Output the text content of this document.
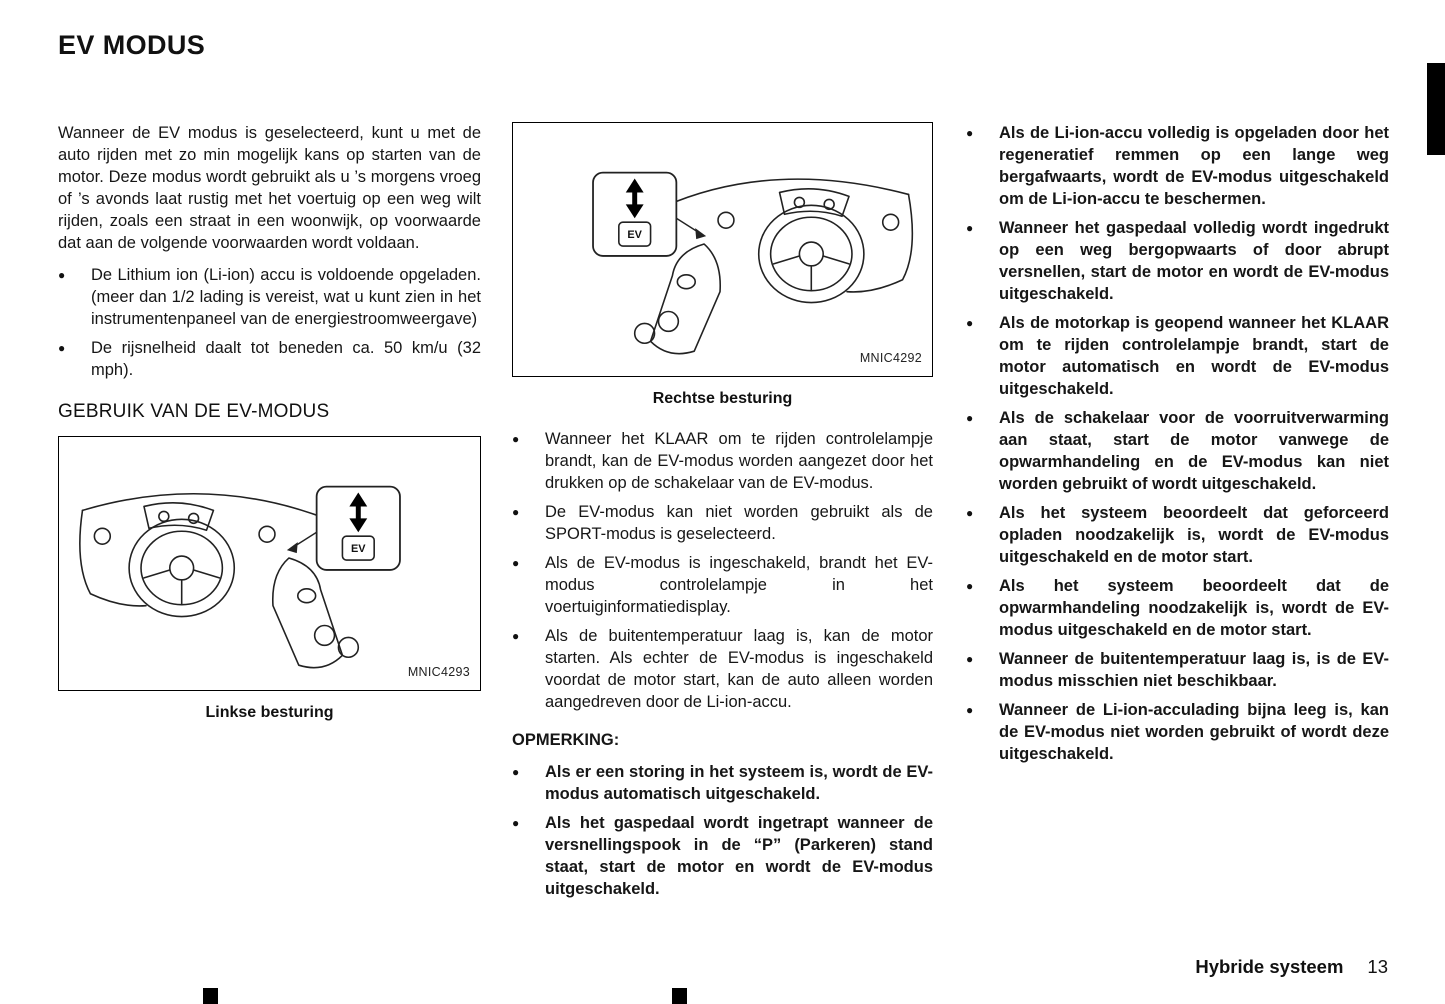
EV MODUS

Wanneer de EV modus is geselecteerd, kunt u met de auto rijden met zo min mogelijk kans op starten van de motor. Deze modus wordt gebruikt als u ’s morgens vroeg of ’s avonds laat rustig met het voertuig op een weg wilt rijden, zoals een straat in een woonwijk, op voorwaarde dat aan de volgende voorwaarden wordt voldaan.

●	De Lithium ion (Li-ion) accu is voldoende opgeladen. (meer dan 1/2 lading is vereist, wat u kunt zien in het instrumentenpaneel van de energiestroomweergave)
●	De rijsnelheid daalt tot beneden ca. 50 km/u (32 mph).
GEBRUIK VAN DE EV-MODUS
EV
MNIC4293
Linkse besturing
EV
MNIC4292
Rechtse besturing
●	Wanneer het KLAAR om te rijden controlelampje brandt, kan de EV-modus worden aangezet door het drukken op de schakelaar van de EV-modus.
●	De EV-modus kan niet worden gebruikt als de SPORT-modus is geselecteerd.
●	Als de EV-modus is ingeschakeld, brandt het EV-modus controlelampje in het voertuiginformatiedisplay.
●	Als de buitentemperatuur laag is, kan de motor starten. Als echter de EV-modus is ingeschakeld voordat de motor start, kan de auto alleen worden aangedreven door de Li-ion-accu.
OPMERKING:
●	Als er een storing in het systeem is, wordt de EV-modus automatisch uitgeschakeld.
●	Als het gaspedaal wordt ingetrapt wanneer de versnellingspook in de “P” (Parkeren) stand staat, start de motor en wordt de EV-modus uitgeschakeld.
●	Als de Li-ion-accu volledig is opgeladen door het regeneratief remmen op een lange weg bergafwaarts, wordt de EV-modus uitgeschakeld om de Li-ion-accu te beschermen.
●	Wanneer het gaspedaal volledig wordt ingedrukt op een weg bergopwaarts of door abrupt versnellen, start de motor en wordt de EV-modus uitgeschakeld.
●	Als de motorkap is geopend wanneer het KLAAR om te rijden controlelampje brandt, start de motor automatisch en wordt de EV-modus uitgeschakeld.
●	Als de schakelaar voor de voorruitverwarming aan staat, start de motor vanwege de opwarmhandeling en de EV-modus kan niet worden gebruikt of wordt uitgeschakeld.
●	Als het systeem beoordeelt dat geforceerd opladen noodzakelijk is, wordt de EV-modus uitgeschakeld en de motor start.
●	Als het systeem beoordeelt dat de opwarmhandeling noodzakelijk is, wordt de EV-modus uitgeschakeld en de motor start.
●	Wanneer de buitentemperatuur laag is, is de EV-modus misschien niet beschikbaar.
●	Wanneer de Li-ion-acculading bijna leeg is, kan de EV-modus niet worden gebruikt of wordt deze uitgeschakeld.
Hybride systeem 13
